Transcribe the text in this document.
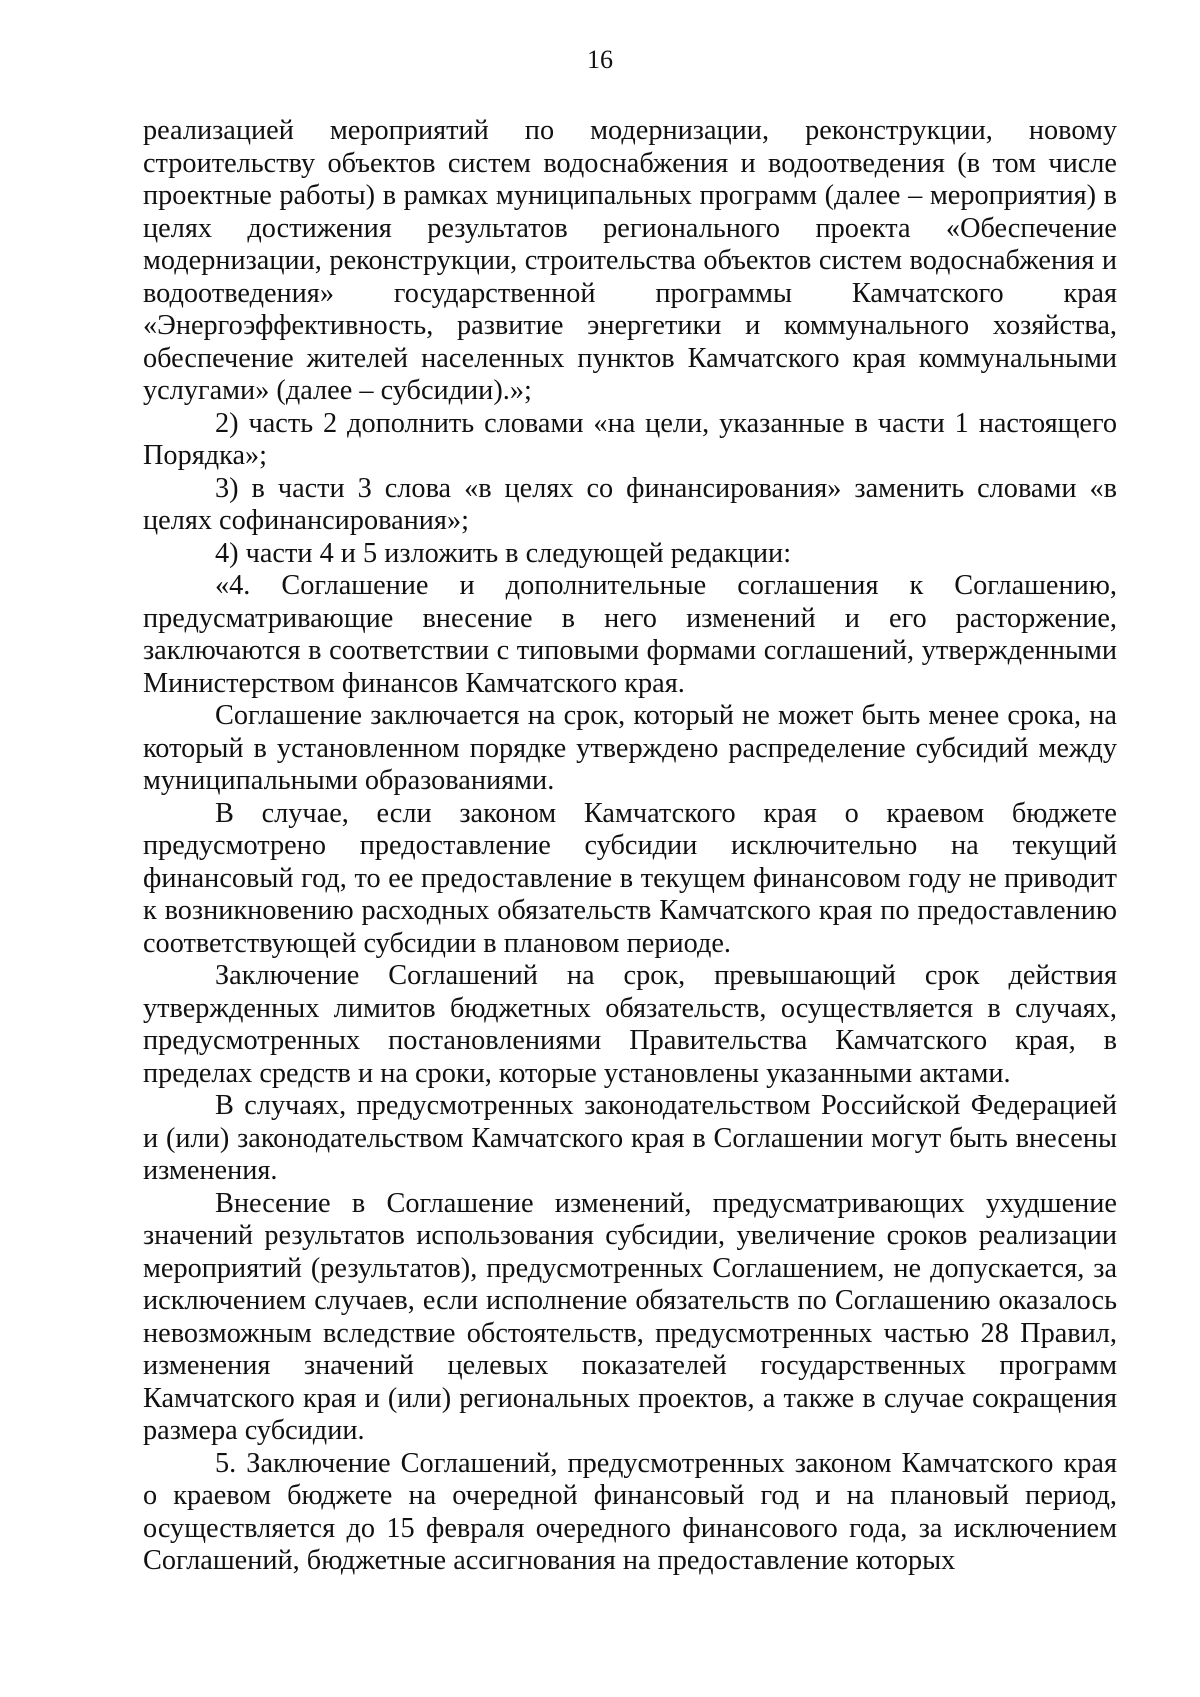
16

реализацией мероприятий по модернизации, реконструкции, новому строительству объектов систем водоснабжения и водоотведения (в том числе проектные работы) в рамках муниципальных программ (далее – мероприятия) в целях достижения результатов регионального проекта «Обеспечение модернизации, реконструкции, строительства объектов систем водоснабжения и водоотведения» государственной программы Камчатского края «Энергоэффективность, развитие энергетики и коммунального хозяйства, обеспечение жителей населенных пунктов Камчатского края коммунальными услугами» (далее – субсидии).»;

2) часть 2 дополнить словами «на цели, указанные в части 1 настоящего Порядка»;

3) в части 3 слова «в целях со финансирования» заменить словами «в целях софинансирования»;

4) части 4 и 5 изложить в следующей редакции:

«4. Соглашение и дополнительные соглашения к Соглашению, предусматривающие внесение в него изменений и его расторжение, заключаются в соответствии с типовыми формами соглашений, утвержденными Министерством финансов Камчатского края.

Соглашение заключается на срок, который не может быть менее срока, на который в установленном порядке утверждено распределение субсидий между муниципальными образованиями.

В случае, если законом Камчатского края о краевом бюджете предусмотрено предоставление субсидии исключительно на текущий финансовый год, то ее предоставление в текущем финансовом году не приводит к возникновению расходных обязательств Камчатского края по предоставлению соответствующей субсидии в плановом периоде.

Заключение Соглашений на срок, превышающий срок действия утвержденных лимитов бюджетных обязательств, осуществляется в случаях, предусмотренных постановлениями Правительства Камчатского края, в пределах средств и на сроки, которые установлены указанными актами.

В случаях, предусмотренных законодательством Российской Федерацией и (или) законодательством Камчатского края в Соглашении могут быть внесены изменения.

Внесение в Соглашение изменений, предусматривающих ухудшение значений результатов использования субсидии, увеличение сроков реализации мероприятий (результатов), предусмотренных Соглашением, не допускается, за исключением случаев, если исполнение обязательств по Соглашению оказалось невозможным вследствие обстоятельств, предусмотренных частью 28 Правил, изменения значений целевых показателей государственных программ Камчатского края и (или) региональных проектов, а также в случае сокращения размера субсидии.

5. Заключение Соглашений, предусмотренных законом Камчатского края о краевом бюджете на очередной финансовый год и на плановый период, осуществляется до 15 февраля очередного финансового года, за исключением Соглашений, бюджетные ассигнования на предоставление которых
